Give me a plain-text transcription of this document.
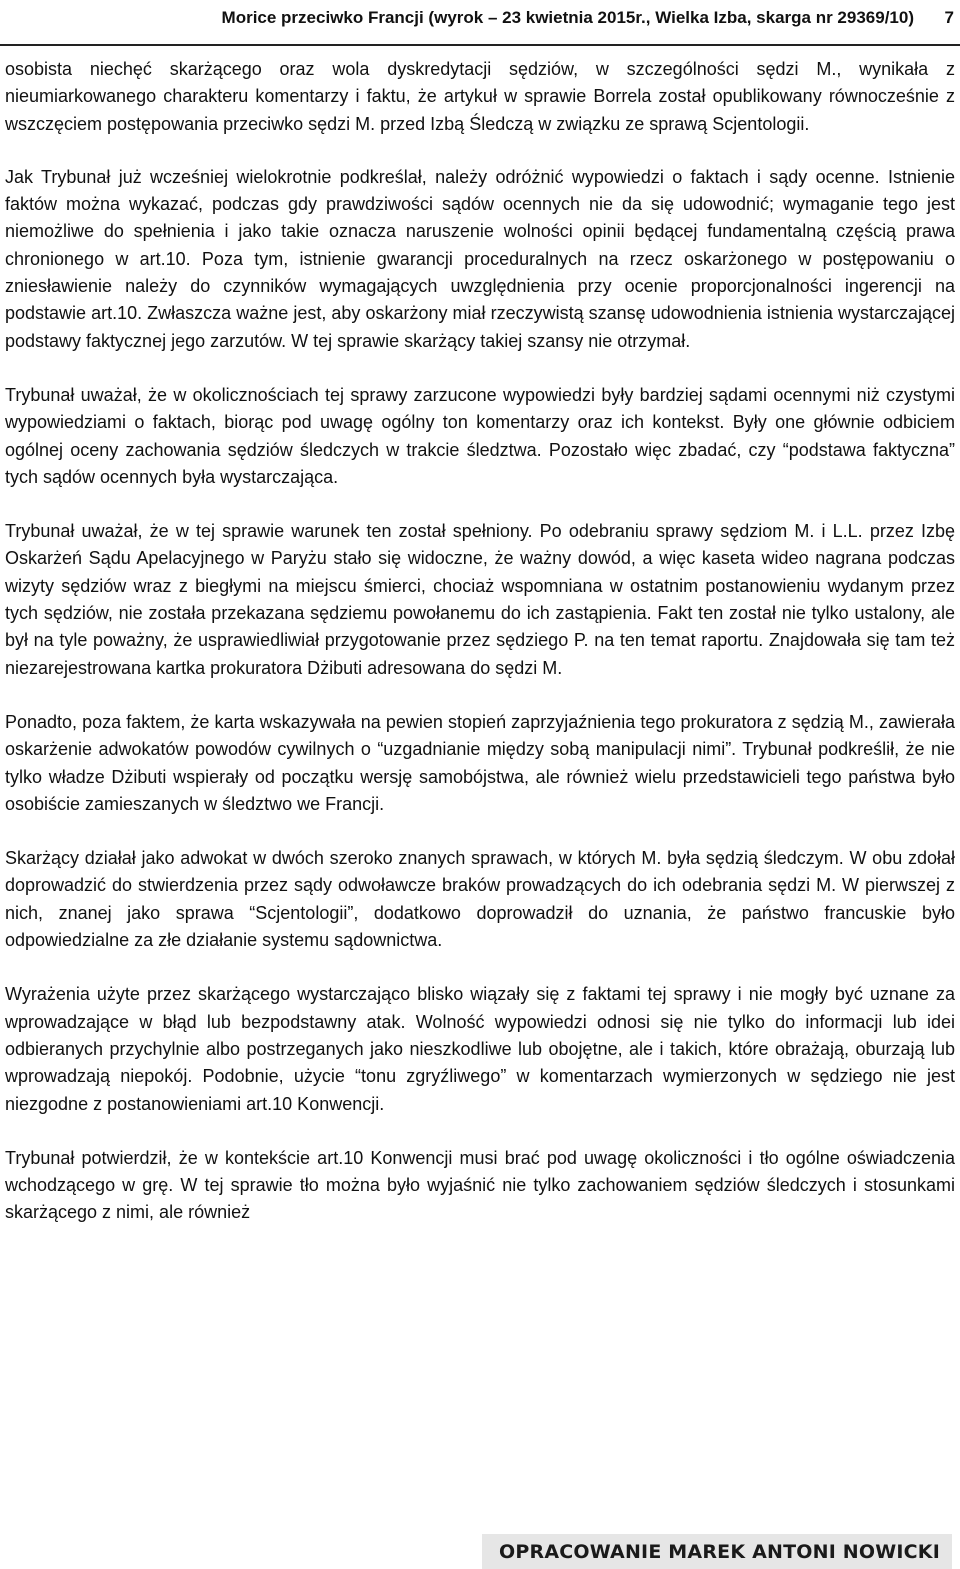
Morice przeciwko Francji (wyrok – 23 kwietnia 2015r., Wielka Izba, skarga nr 29369/10)	7

osobista niechęć skarżącego oraz wola dyskredytacji sędziów, w szczególności sędzi M., wynikała z nieumiarkowanego charakteru komentarzy i faktu, że artykuł w sprawie Borrela został opublikowany równocześnie z wszczęciem postępowania przeciwko sędzi M. przed Izbą Śledczą w związku ze sprawą Scjentologii.

Jak Trybunał już wcześniej wielokrotnie podkreślał, należy odróżnić wypowiedzi o faktach i sądy ocenne. Istnienie faktów można wykazać, podczas gdy prawdziwości sądów ocennych nie da się udowodnić; wymaganie tego jest niemożliwe do spełnienia i jako takie oznacza naruszenie wolności opinii będącej fundamentalną częścią prawa chronionego w art.10. Poza tym, istnienie gwarancji proceduralnych na rzecz oskarżonego w postępowaniu o zniesławienie należy do czynników wymagających uwzględnienia przy ocenie proporcjonalności ingerencji na podstawie art.10. Zwłaszcza ważne jest, aby oskarżony miał rzeczywistą szansę udowodnienia istnienia wystarczającej podstawy faktycznej jego zarzutów. W tej sprawie skarżący takiej szansy nie otrzymał.

Trybunał uważał, że w okolicznościach tej sprawy zarzucone wypowiedzi były bardziej sądami ocennymi niż czystymi wypowiedziami o faktach, biorąc pod uwagę ogólny ton komentarzy oraz ich kontekst. Były one głównie odbiciem ogólnej oceny zachowania sędziów śledczych w trakcie śledztwa. Pozostało więc zbadać, czy “podstawa faktyczna” tych sądów ocennych była wystarczająca.

Trybunał uważał, że w tej sprawie warunek ten został spełniony. Po odebraniu sprawy sędziom M. i L.L. przez Izbę Oskarżeń Sądu Apelacyjnego w Paryżu stało się widoczne, że ważny dowód, a więc kaseta wideo nagrana podczas wizyty sędziów wraz z biegłymi na miejscu śmierci, chociaż wspomniana w ostatnim postanowieniu wydanym przez tych sędziów, nie została przekazana sędziemu powołanemu do ich zastąpienia. Fakt ten został nie tylko ustalony, ale był na tyle poważny, że usprawiedliwiał przygotowanie przez sędziego P. na ten temat raportu. Znajdowała się tam też niezarejestrowana kartka prokuratora Dżibuti adresowana do sędzi M.

Ponadto, poza faktem, że karta wskazywała na pewien stopień zaprzyjaźnienia tego prokuratora z sędzią M., zawierała oskarżenie adwokatów powodów cywilnych o “uzgadnianie między sobą manipulacji nimi”. Trybunał podkreślił, że nie tylko władze Dżibuti wspierały od początku wersję samobójstwa, ale również wielu przedstawicieli tego państwa było osobiście zamieszanych w śledztwo we Francji.

Skarżący działał jako adwokat w dwóch szeroko znanych sprawach, w których M. była sędzią śledczym. W obu zdołał doprowadzić do stwierdzenia przez sądy odwoławcze braków prowadzących do ich odebrania sędzi M. W pierwszej z nich, znanej jako sprawa “Scjentologii”, dodatkowo doprowadził do uznania, że państwo francuskie było odpowiedzialne za złe działanie systemu sądownictwa.

Wyrażenia użyte przez skarżącego wystarczająco blisko wiązały się z faktami tej sprawy i nie mogły być uznane za wprowadzające w błąd lub bezpodstawny atak. Wolność wypowiedzi odnosi się nie tylko do informacji lub idei odbieranych przychylnie albo postrzeganych jako nieszkodliwe lub obojętne, ale i takich, które obrażają, oburzają lub wprowadzają niepokój. Podobnie, użycie “tonu zgryźliwego” w komentarzach wymierzonych w sędziego nie jest niezgodne z postanowieniami art.10 Konwencji.

Trybunał potwierdził, że w kontekście art.10 Konwencji musi brać pod uwagę okoliczności i tło ogólne oświadczenia wchodzącego w grę. W tej sprawie tło można było wyjaśnić nie tylko zachowaniem sędziów śledczych i stosunkami skarżącego z nimi, ale również

OPRACOWANIE MAREK ANTONI NOWICKI
